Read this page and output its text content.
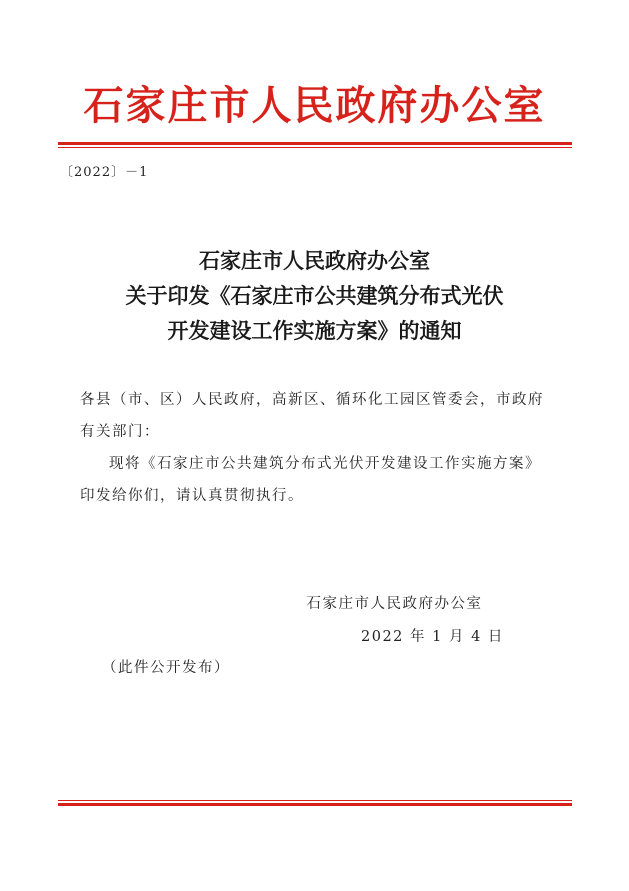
石家庄市人民政府办公室
〔2022〕－1
石家庄市人民政府办公室
关于印发《石家庄市公共建筑分布式光伏
开发建设工作实施方案》的通知

各县（市、区）人民政府，高新区、循环化工园区管委会，市政府有关部门：

现将《石家庄市公共建筑分布式光伏开发建设工作实施方案》印发给你们，请认真贯彻执行。

石家庄市人民政府办公室
2022 年 1 月 4 日
（此件公开发布）
